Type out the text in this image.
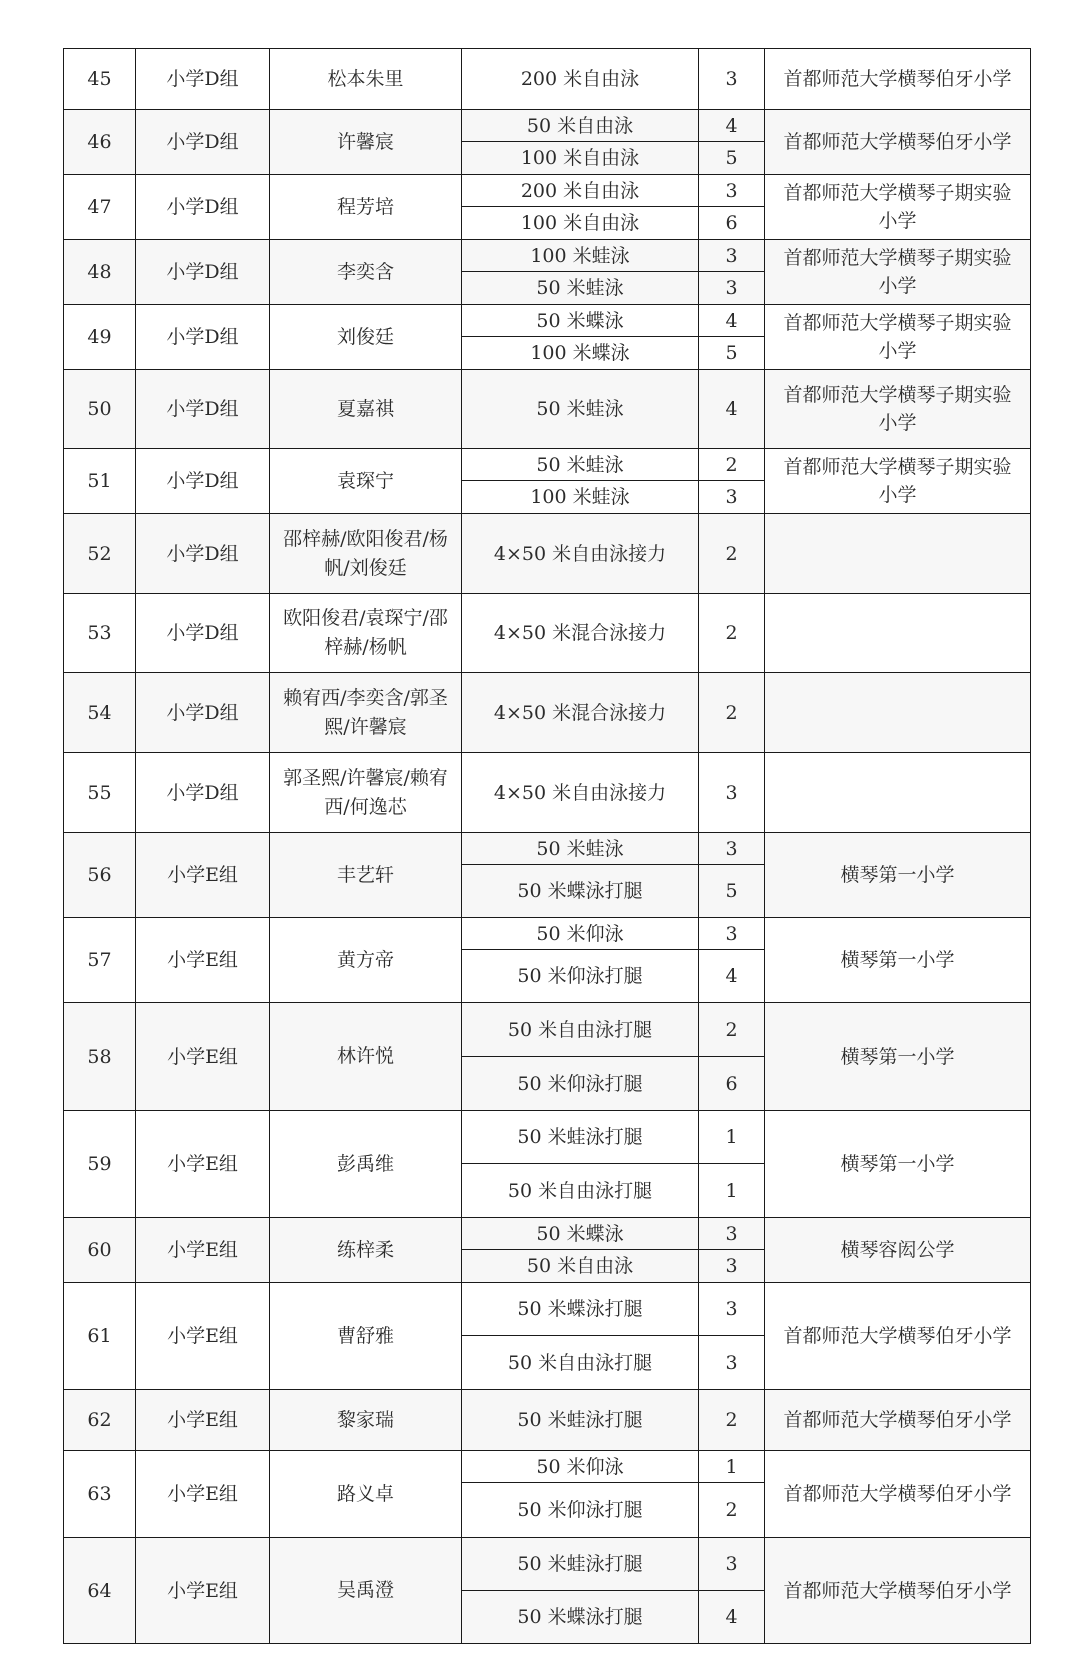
45	小学D组	松本朱里	200 米自由泳	3	首都师范大学横琴伯牙小学
46	小学D组	许馨宸	50 米自由泳	4	首都师范大学横琴伯牙小学
			100 米自由泳	5	
47	小学D组	程芳培	200 米自由泳	3	首都师范大学横琴子期实验小学
			100 米自由泳	6	
48	小学D组	李奕含	100 米蛙泳	3	首都师范大学横琴子期实验小学
			50 米蛙泳	3	
49	小学D组	刘俊廷	50 米蝶泳	4	首都师范大学横琴子期实验小学
			100 米蝶泳	5	
50	小学D组	夏嘉祺	50 米蛙泳	4	首都师范大学横琴子期实验小学
51	小学D组	袁琛宁	50 米蛙泳	2	首都师范大学横琴子期实验小学
			100 米蛙泳	3	
52	小学D组	邵梓赫/欧阳俊君/杨帆/刘俊廷	4×50 米自由泳接力	2	
53	小学D组	欧阳俊君/袁琛宁/邵梓赫/杨帆	4×50 米混合泳接力	2	
54	小学D组	赖宥西/李奕含/郭圣熙/许馨宸	4×50 米混合泳接力	2	
55	小学D组	郭圣熙/许馨宸/赖宥西/何逸芯	4×50 米自由泳接力	3	
56	小学E组	丰艺轩	50 米蛙泳	3	横琴第一小学
			50 米蝶泳打腿	5	
57	小学E组	黄方帝	50 米仰泳	3	横琴第一小学
			50 米仰泳打腿	4	
58	小学E组	林许悦	50 米自由泳打腿	2	横琴第一小学
			50 米仰泳打腿	6	
59	小学E组	彭禹维	50 米蛙泳打腿	1	横琴第一小学
			50 米自由泳打腿	1	
60	小学E组	练梓柔	50 米蝶泳	3	横琴容闳公学
			50 米自由泳	3	
61	小学E组	曹舒雅	50 米蝶泳打腿	3	首都师范大学横琴伯牙小学
			50 米自由泳打腿	3	
62	小学E组	黎家瑞	50 米蛙泳打腿	2	首都师范大学横琴伯牙小学
63	小学E组	路义卓	50 米仰泳	1	首都师范大学横琴伯牙小学
			50 米仰泳打腿	2	
64	小学E组	吴禹澄	50 米蛙泳打腿	3	首都师范大学横琴伯牙小学
			50 米蝶泳打腿	4	
